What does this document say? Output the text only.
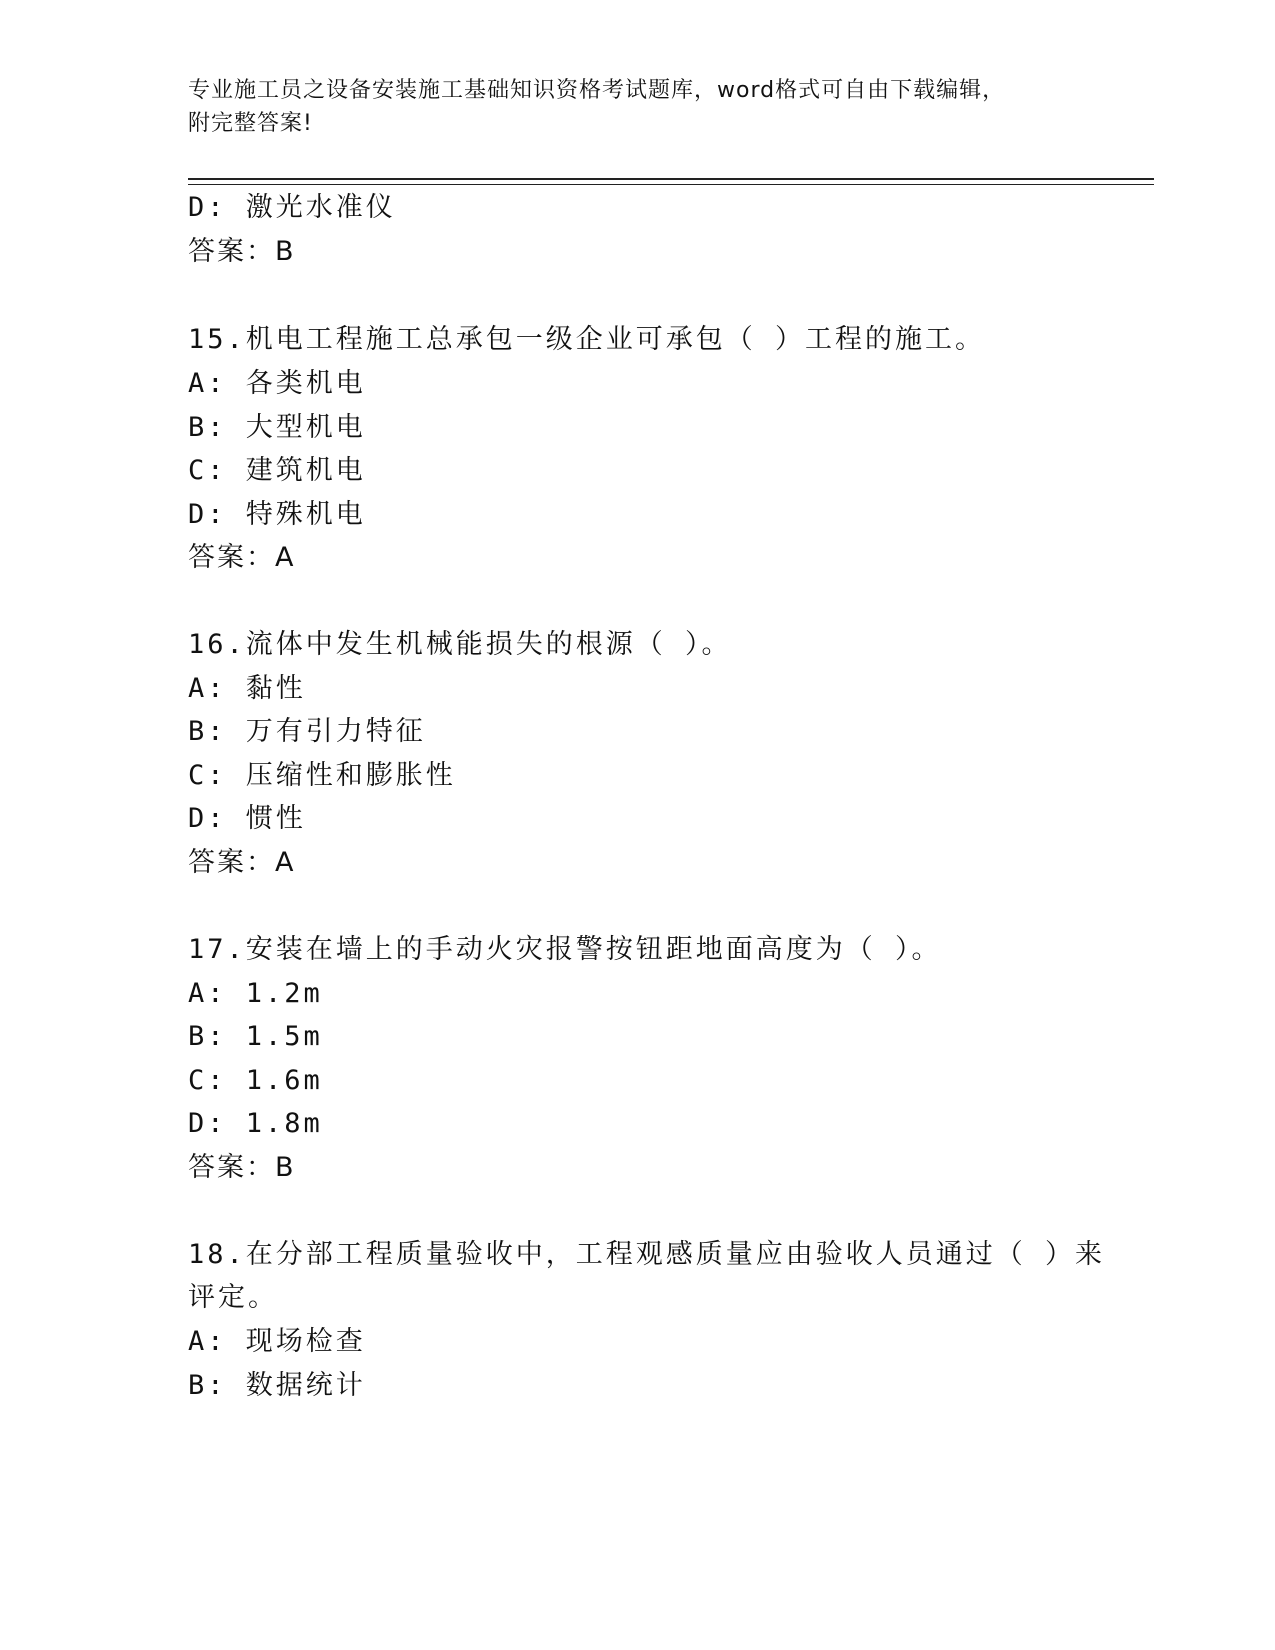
专业施工员之设备安装施工基础知识资格考试题库，word格式可自由下载编辑，
附完整答案!
D: 激光水准仪
答案：B
15.机电工程施工总承包一级企业可承包（ ）工程的施工。
A: 各类机电
B: 大型机电
C: 建筑机电
D: 特殊机电
答案：A
16.流体中发生机械能损失的根源（ ）。
A: 黏性
B: 万有引力特征
C: 压缩性和膨胀性
D: 惯性
答案：A
17.安装在墙上的手动火灾报警按钮距地面高度为（ ）。
A: 1.2m
B: 1.5m
C: 1.6m
D: 1.8m
答案：B
18.在分部工程质量验收中，工程观感质量应由验收人员通过（ ）来
评定。
A: 现场检查
B: 数据统计
